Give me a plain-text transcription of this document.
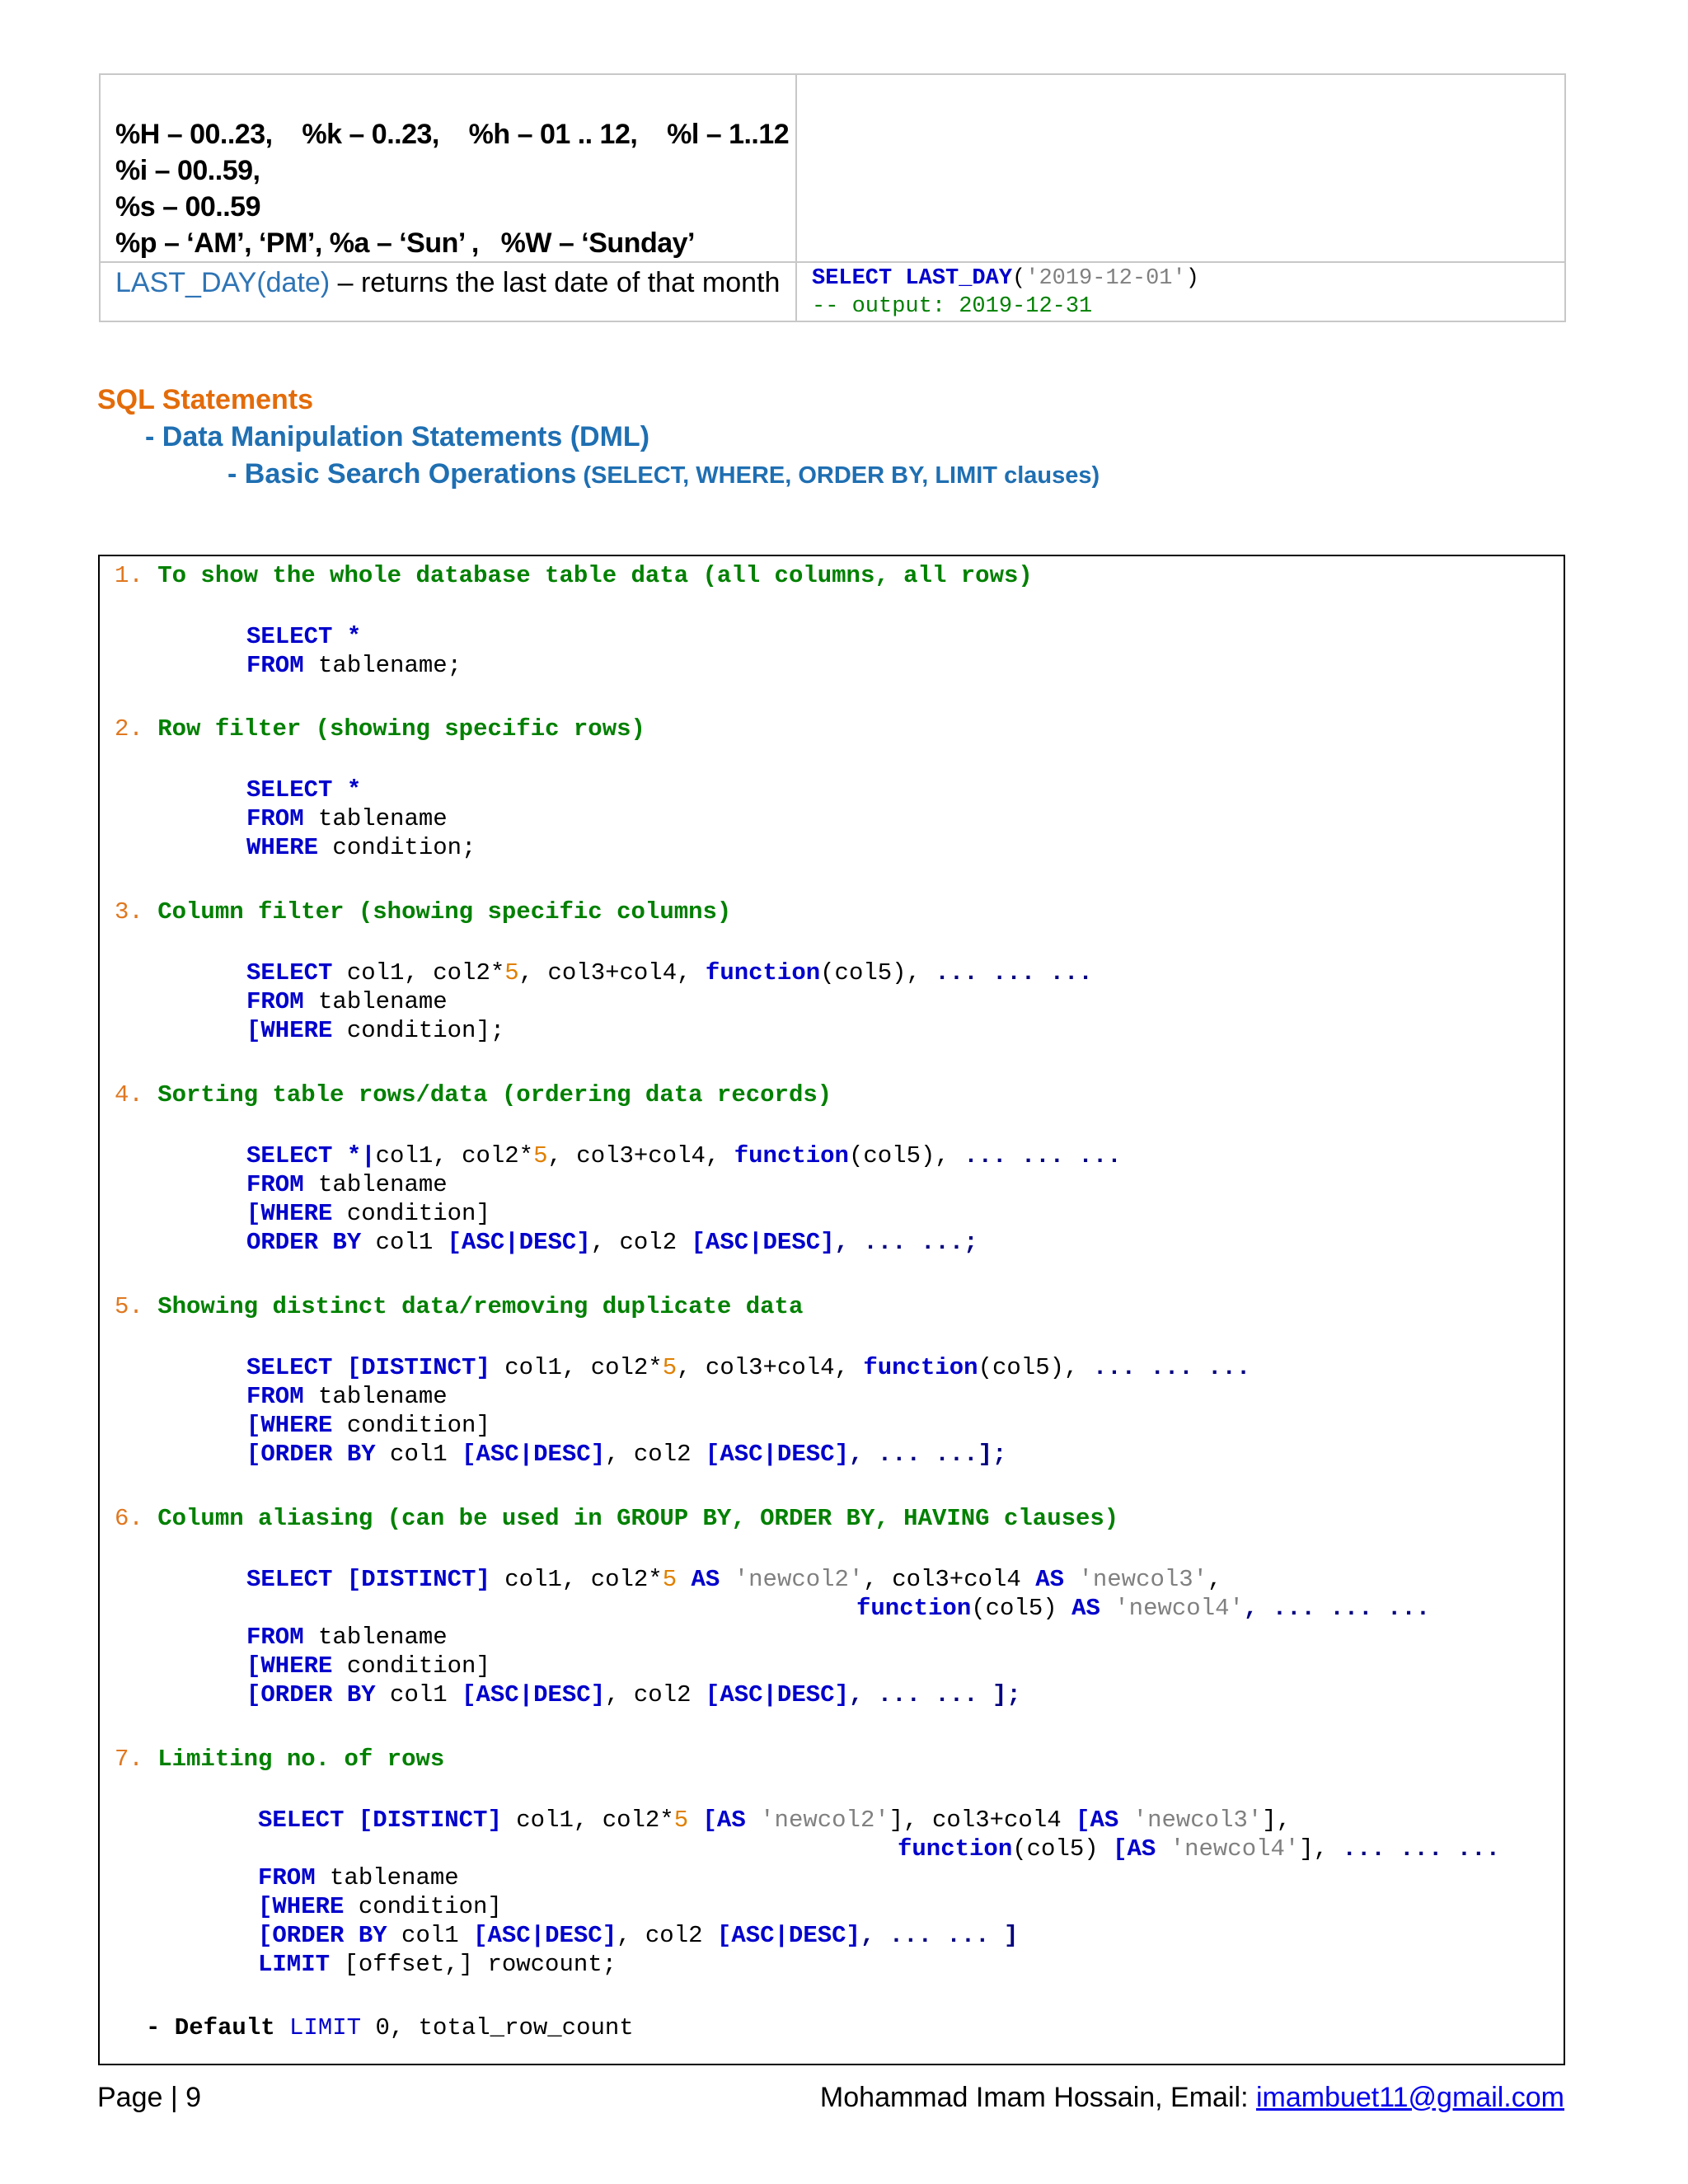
%H – 00..23,    %k – 0..23,    %h – 01 .. 12,    %l – 1..12
%i – 00..59,
%s – 00..59
%p – ‘AM’, ‘PM’, %a – ‘Sun’ ,   %W – ‘Sunday’	

LAST_DAY(date) – returns the last date of that month	SELECT LAST_DAY('2019-12-01')
-- output: 2019-12-31
SQL Statements
- Data Manipulation Statements (DML)
- Basic Search Operations (SELECT, WHERE, ORDER BY, LIMIT clauses)
1. To show the whole database table data (all columns, all rows)
SELECT *
FROM tablename;
2. Row filter (showing specific rows)
SELECT *
FROM tablename
WHERE condition;
3. Column filter (showing specific columns)
SELECT col1, col2*5, col3+col4, function(col5), ... ... ...
FROM tablename
[WHERE condition];
4. Sorting table rows/data (ordering data records)
SELECT *|col1, col2*5, col3+col4, function(col5), ... ... ...
FROM tablename
[WHERE condition]
ORDER BY col1 [ASC|DESC], col2 [ASC|DESC], ... ...;
5. Showing distinct data/removing duplicate data
SELECT [DISTINCT] col1, col2*5, col3+col4, function(col5), ... ... ...
FROM tablename
[WHERE condition]
[ORDER BY col1 [ASC|DESC], col2 [ASC|DESC], ... ...];
6. Column aliasing (can be used in GROUP BY, ORDER BY, HAVING clauses)
SELECT [DISTINCT] col1, col2*5 AS 'newcol2', col3+col4 AS 'newcol3',
function(col5) AS 'newcol4', ... ... ...
FROM tablename
[WHERE condition]
[ORDER BY col1 [ASC|DESC], col2 [ASC|DESC], ... ... ];
7. Limiting no. of rows
SELECT [DISTINCT] col1, col2*5 [AS 'newcol2'], col3+col4 [AS 'newcol3'],
function(col5) [AS 'newcol4'], ... ... ...
FROM tablename
[WHERE condition]
[ORDER BY col1 [ASC|DESC], col2 [ASC|DESC], ... ... ]
LIMIT [offset,] rowcount;
- Default LIMIT 0, total_row_count
Page | 9	Mohammad Imam Hossain, Email: imambuet11@gmail.com
